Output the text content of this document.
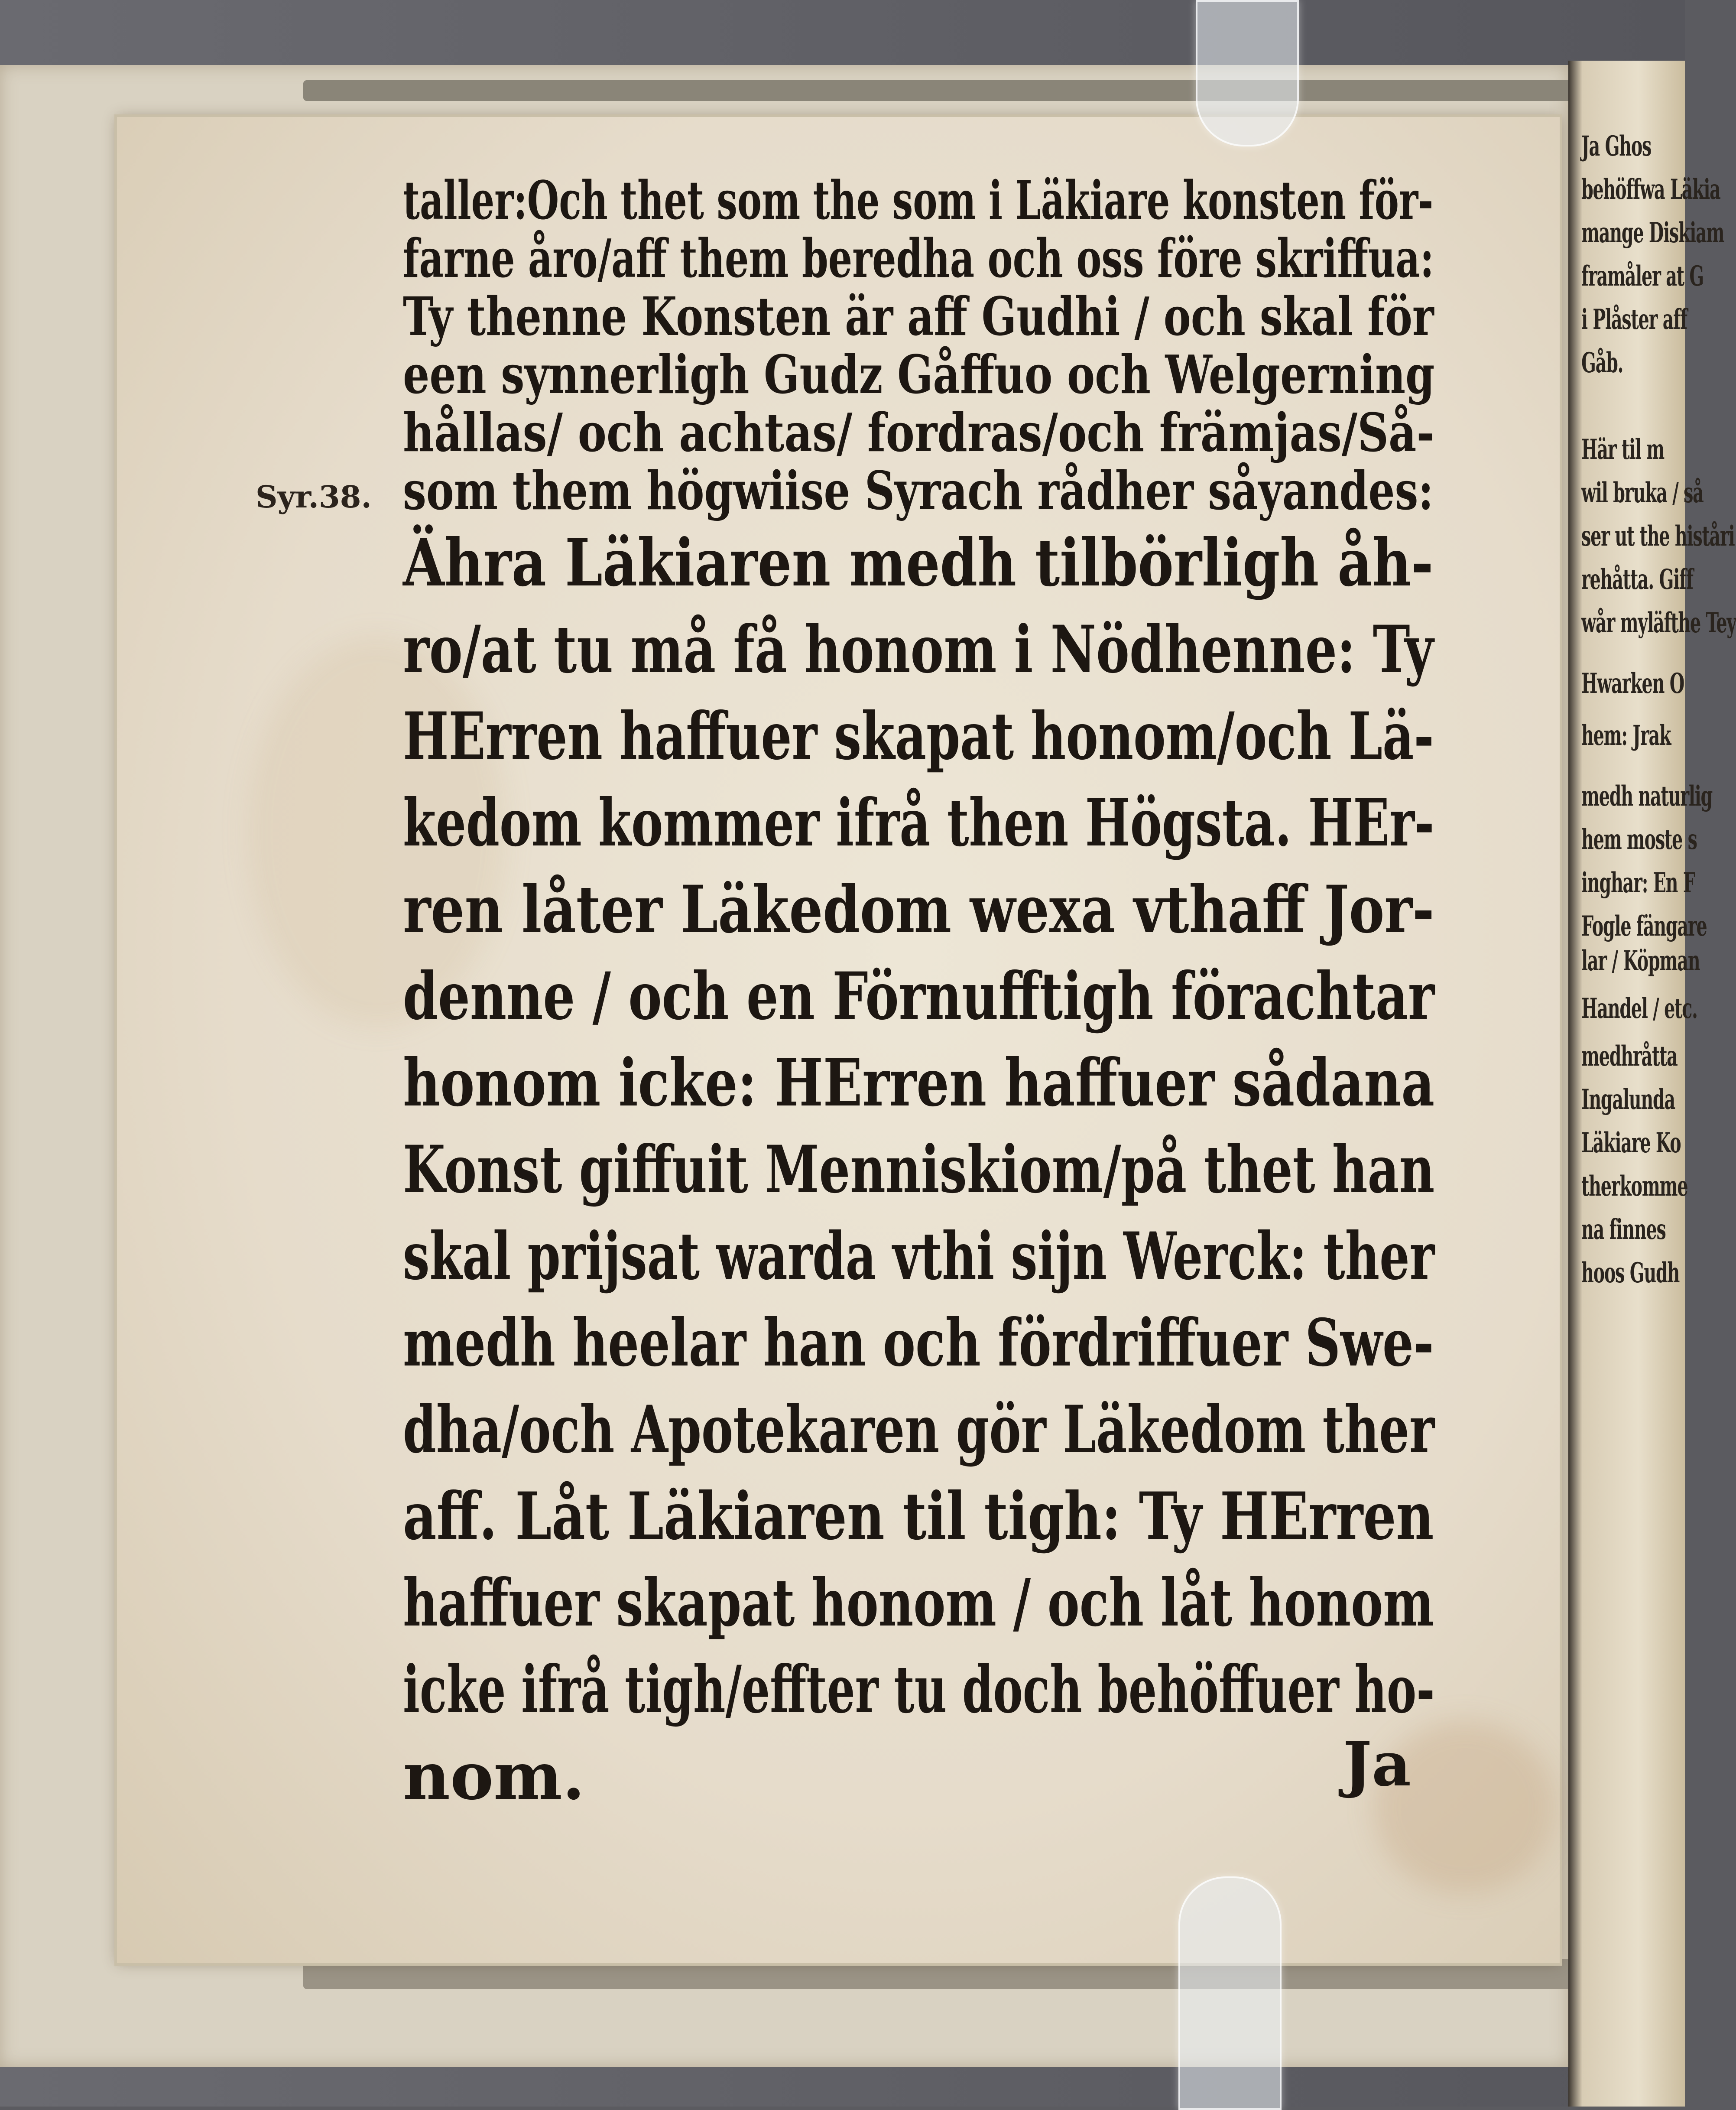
Ja Ghos
behöffwa Läkia
mange Diskiam
framåler at G
i Plåster aff
Gåb.
Här til m
wil bruka / så
ser ut the histåri
rehåtta. Giff
wår myläfthe Tey
Hwarken O
hem: Jrak
medh naturlig
hem moste s
inghar: En F
Fogle fängare
lar / Köpman
Handel / etc.
medhråtta
Ingalunda
Läkiare Ko
therkomme
na finnes
hoos Gudh
Syr.38.
taller:Och thet som the som i Läkiare konsten för-
farne åro/aff them beredha och oss före skriffua:
Ty thenne Konsten är aff Gudhi / och skal för
een synnerligh Gudz Gåffuo och Welgerning
hållas/ och achtas/ fordras/och främjas/Så-
som them högwiise Syrach rådher såyandes:
Ähra Läkiaren medh tilbörligh åh-
ro/at tu må få honom i Nödhenne: Ty
HErren haffuer skapat honom/och Lä-
kedom kommer ifrå then Högsta. HEr-
ren låter Läkedom wexa vthaff Jor-
denne / och en Förnufftigh förachtar
honom icke: HErren haffuer sådana
Konst giffuit Menniskiom/på thet han
skal prijsat warda vthi sijn Werck: ther
medh heelar han och fördriffuer Swe-
dha/och Apotekaren gör Läkedom ther
aff. Låt Läkiaren til tigh: Ty HErren
haffuer skapat honom / och låt honom
icke ifrå tigh/effter tu doch behöffuer ho-
nom.	Ja
